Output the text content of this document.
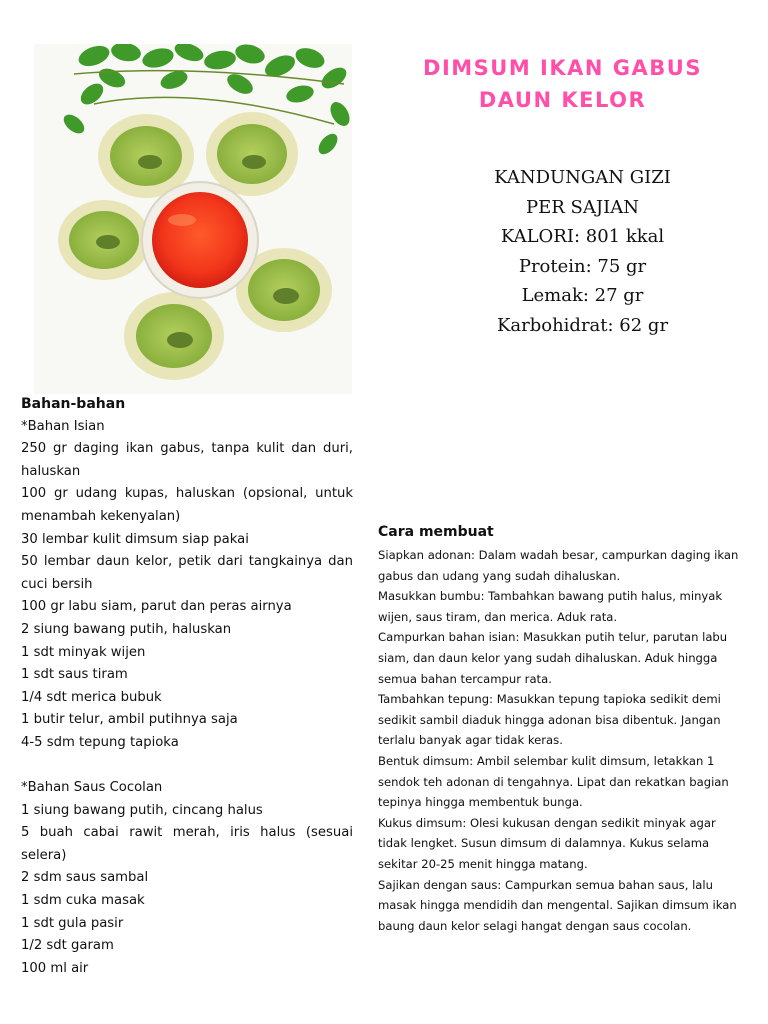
DIMSUM IKAN GABUS
DAUN KELOR
KANDUNGAN GIZI
PER SAJIAN
KALORI: 801 kkal
Protein: 75 gr
Lemak: 27 gr
Karbohidrat: 62 gr
Bahan-bahan
*Bahan Isian
250 gr daging ikan gabus, tanpa kulit dan duri, haluskan
100 gr udang kupas, haluskan (opsional, untuk menambah kekenyalan)
30 lembar kulit dimsum siap pakai
50 lembar daun kelor, petik dari tangkainya dan cuci bersih
100 gr labu siam, parut dan peras airnya
2 siung bawang putih, haluskan
1 sdt minyak wijen
1 sdt saus tiram
1/4 sdt merica bubuk
1 butir telur, ambil putihnya saja
4-5 sdm tepung tapioka
*Bahan Saus Cocolan
1 siung bawang putih, cincang halus
5 buah cabai rawit merah, iris halus (sesuai selera)
2 sdm saus sambal
1 sdm cuka masak
1 sdt gula pasir
1/2 sdt garam
100 ml air
Cara membuat

Siapkan adonan: Dalam wadah besar, campurkan daging ikan gabus dan udang yang sudah dihaluskan.

Masukkan bumbu: Tambahkan bawang putih halus, minyak wijen, saus tiram, dan merica. Aduk rata.

Campurkan bahan isian: Masukkan putih telur, parutan labu siam, dan daun kelor yang sudah dihaluskan. Aduk hingga semua bahan tercampur rata.

Tambahkan tepung: Masukkan tepung tapioka sedikit demi sedikit sambil diaduk hingga adonan bisa dibentuk. Jangan terlalu banyak agar tidak keras.

Bentuk dimsum: Ambil selembar kulit dimsum, letakkan 1 sendok teh adonan di tengahnya. Lipat dan rekatkan bagian tepinya hingga membentuk bunga.

Kukus dimsum: Olesi kukusan dengan sedikit minyak agar tidak lengket. Susun dimsum di dalamnya. Kukus selama sekitar 20-25 menit hingga matang.

Sajikan dengan saus: Campurkan semua bahan saus, lalu masak hingga mendidih dan mengental. Sajikan dimsum ikan baung daun kelor selagi hangat dengan saus cocolan.
